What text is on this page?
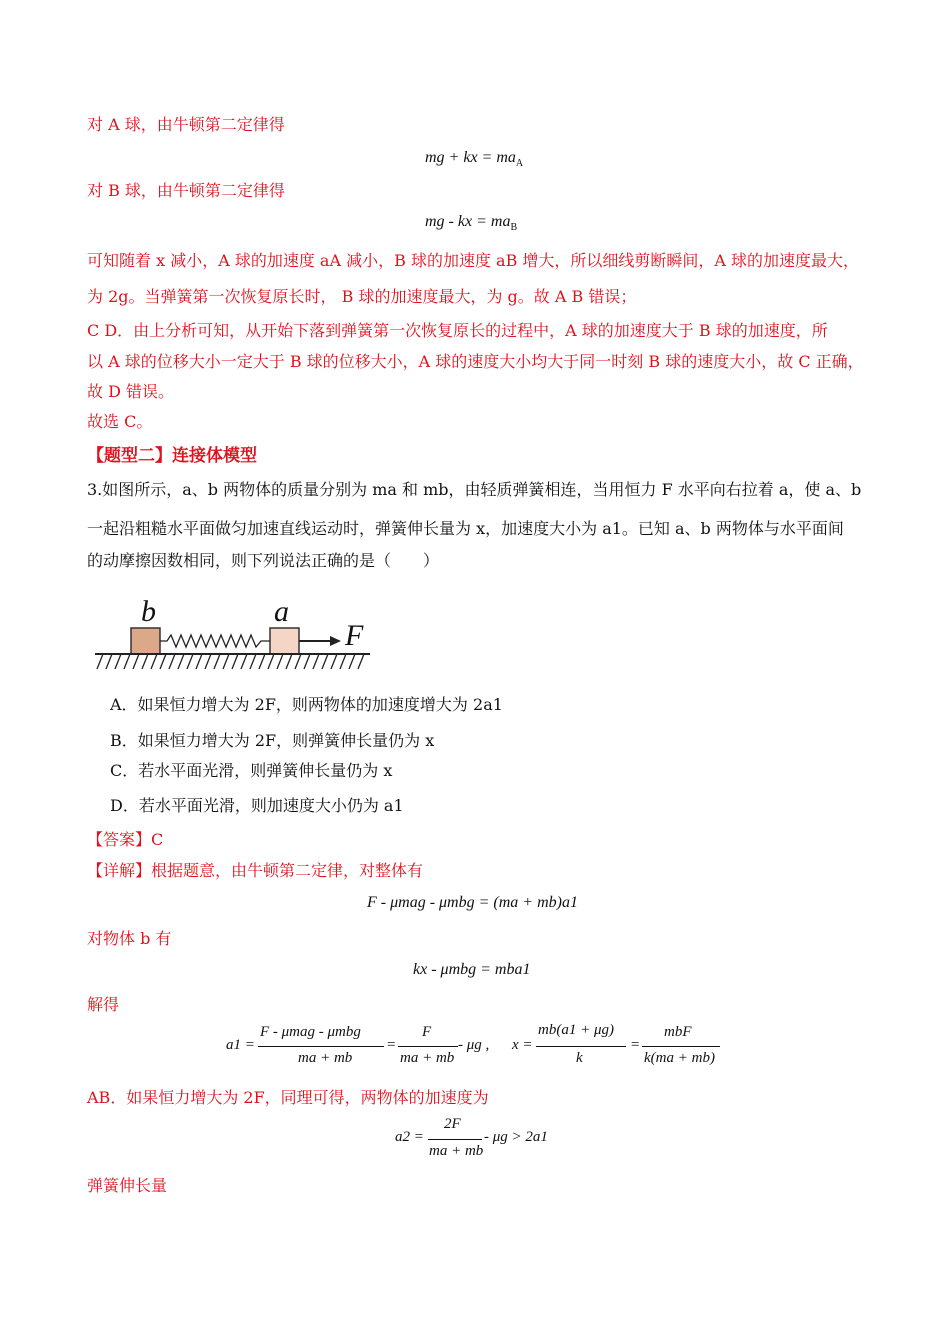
对 A 球，由牛顿第二定律得
mg + kx = $ma_A$
对 B 球，由牛顿第二定律得
mg - kx = $ma_B$
可知随着 x 减小，A 球的加速度 aA 减小，B 球的加速度 aB 增大，所以细线剪断瞬间，A 球的加速度最大，
为 2g。当弹簧第一次恢复原长时， B 球的加速度最大，为 g。故 A B 错误；
C D．由上分析可知，从开始下落到弹簧第一次恢复原长的过程中，A 球的加速度大于 B 球的加速度，所
以 A 球的位移大小一定大于 B 球的位移大小，A 球的速度大小均大于同一时刻 B 球的速度大小，故 C 正确，
故 D 错误。
故选 C。
【题型二】连接体模型
3.如图所示，a、b 两物体的质量分别为 ma 和 mb，由轻质弹簧相连，当用恒力 F 水平向右拉着 a，使 a、b
一起沿粗糙水平面做匀加速直线运动时，弹簧伸长量为 x，加速度大小为 a1。已知 a、b 两物体与水平面间
的动摩擦因数相同，则下列说法正确的是（　　）
b	a
F
A．如果恒力增大为 2F，则两物体的加速度增大为 2a1
B．如果恒力增大为 2F，则弹簧伸长量仍为 x
C．若水平面光滑，则弹簧伸长量仍为 x
D．若水平面光滑，则加速度大小仍为 a1
【答案】C
【详解】根据题意，由牛顿第二定律，对整体有
F - μmag - μmbg = (ma + mb)a1
对物体 b 有
kx - μmbg = mba1
解得
a1 =
F - μmag - μmbg
ma + mb
=
F
ma + mb
- μg , x =
mb(a1 + μg)
k
=
mbF
k(ma + mb)
AB．如果恒力增大为 2F，同理可得，两物体的加速度为
a2 =
2F
ma + mb
- μg > 2a1
弹簧伸长量
